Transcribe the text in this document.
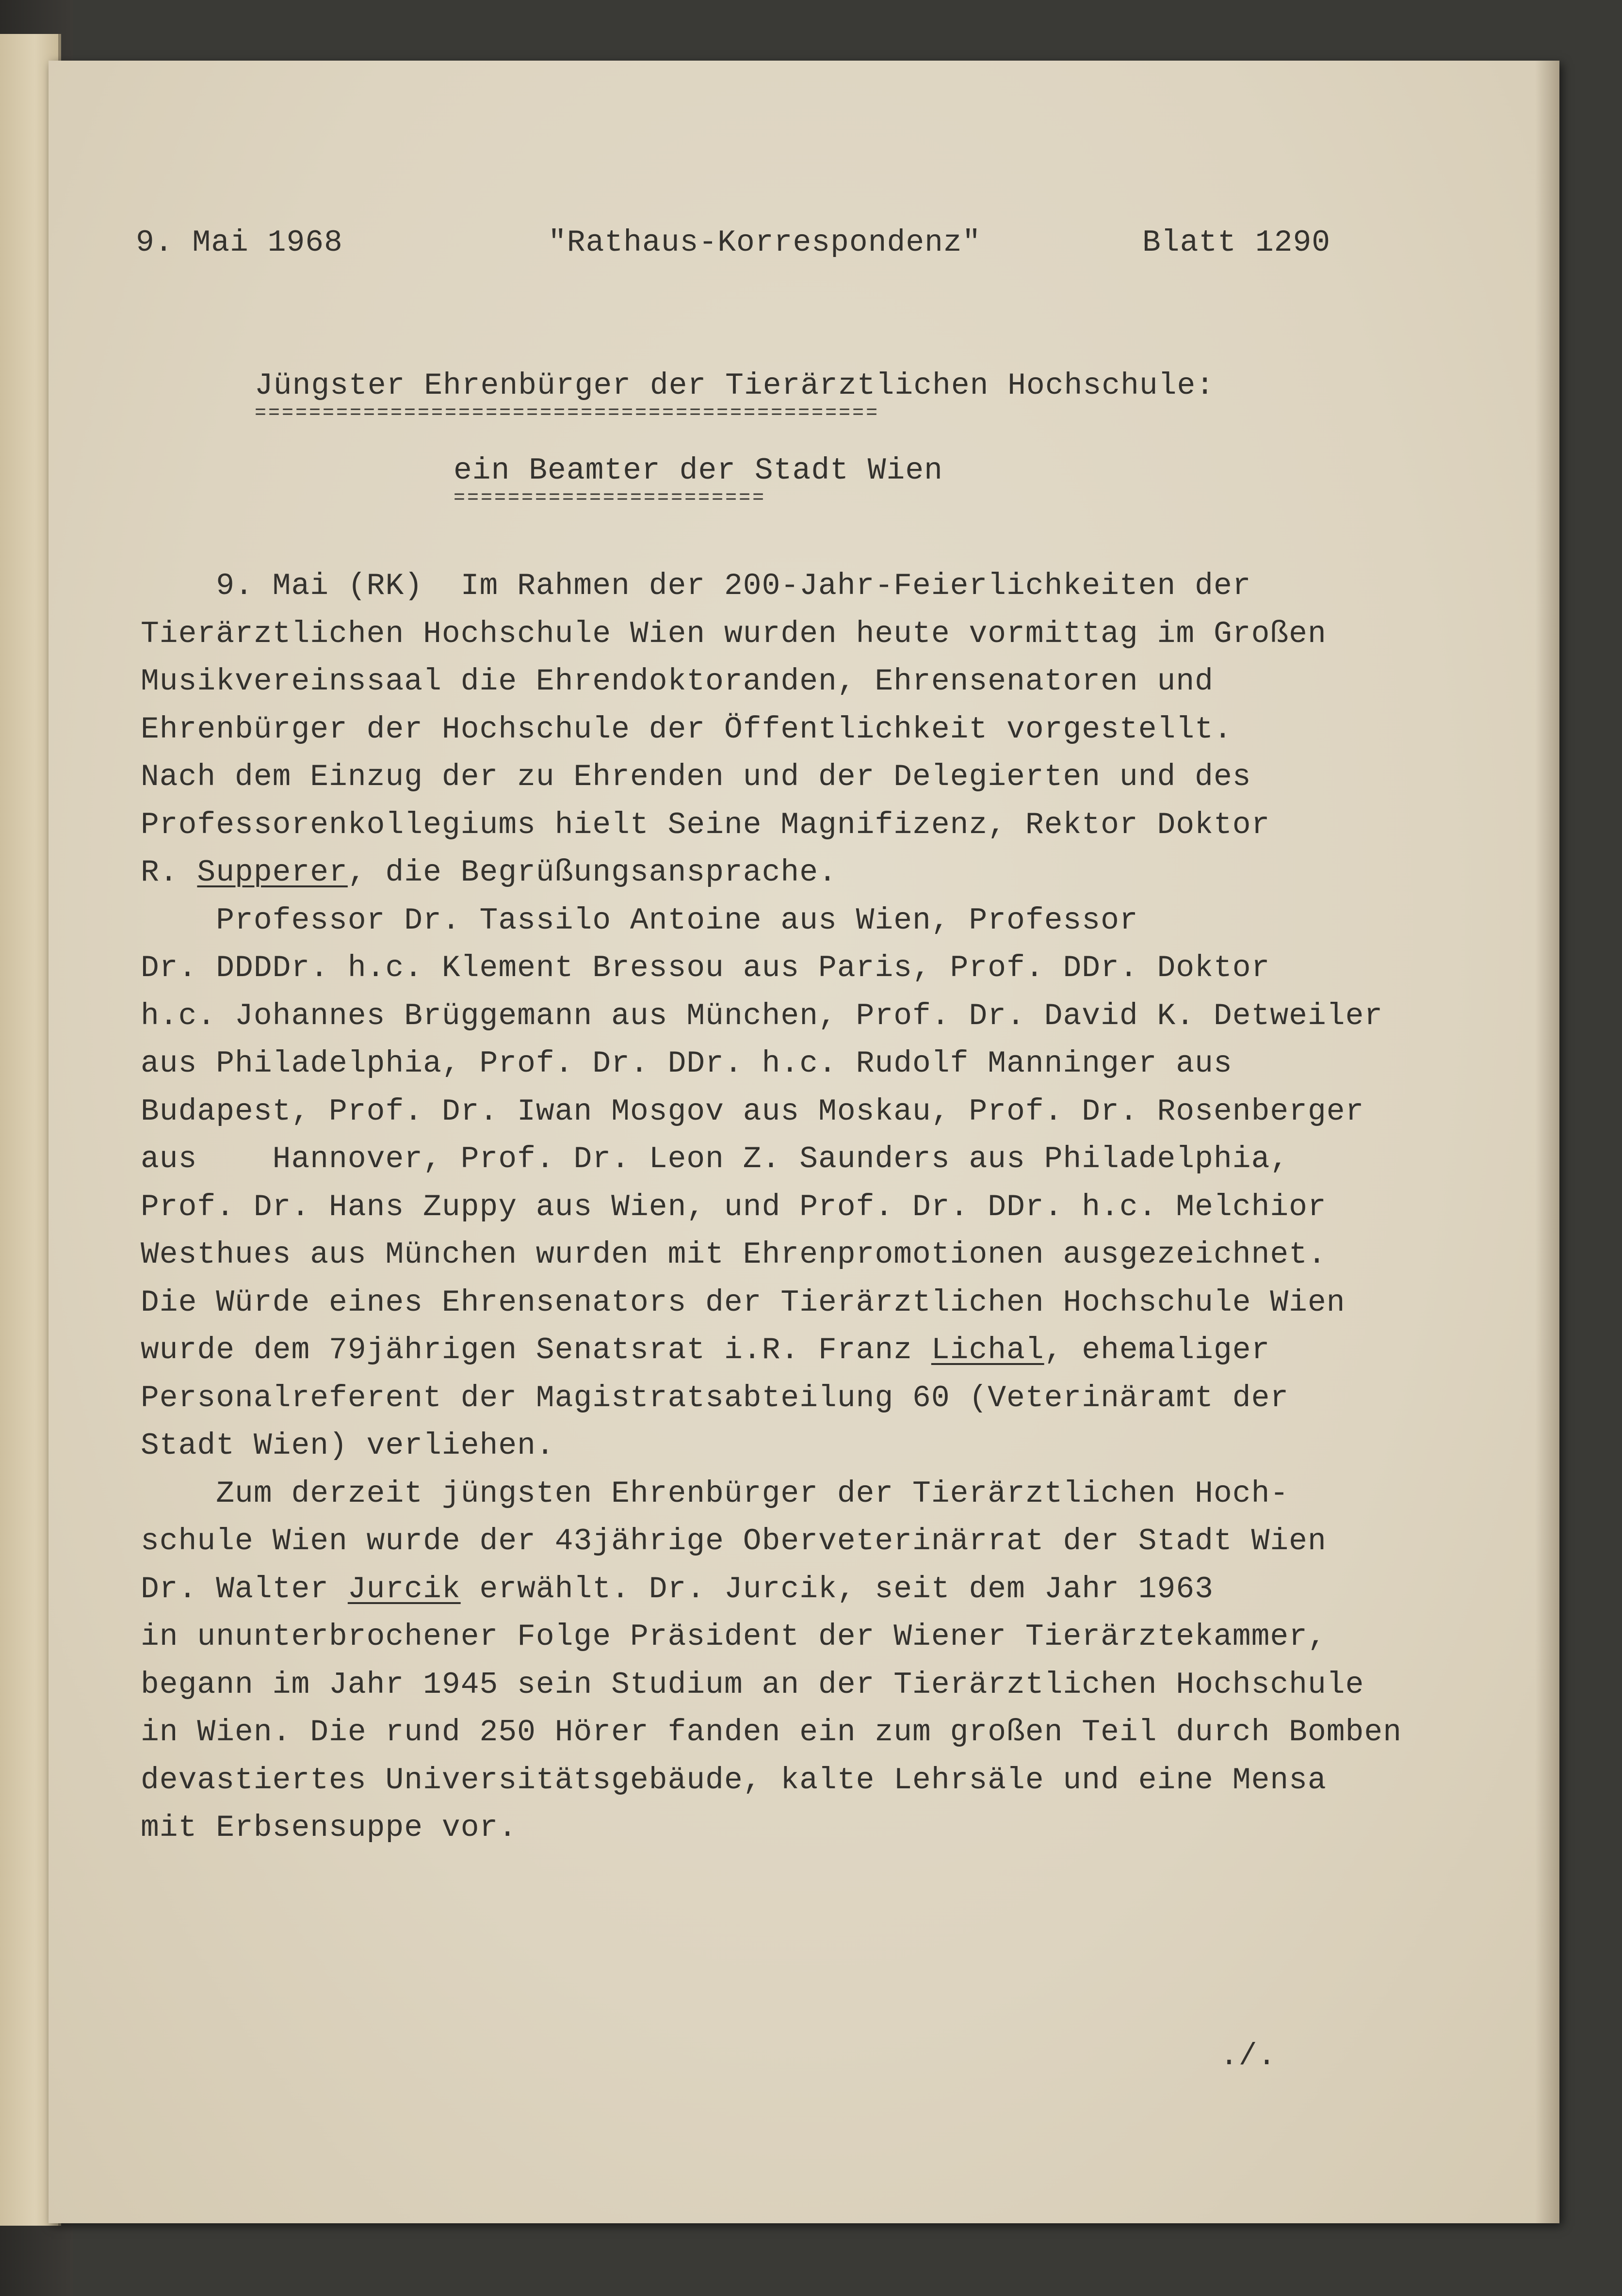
9. Mai 1968	"Rathaus-Korrespondenz"	Blatt 1290
Jüngster Ehrenbürger der Tierärztlichen Hochschule:
==============================================
ein Beamter der Stadt Wien
=======================
9. Mai (RK)  Im Rahmen der 200-Jahr-Feierlichkeiten der
Tierärztlichen Hochschule Wien wurden heute vormittag im Großen
Musikvereinssaal die Ehrendoktoranden, Ehrensenatoren und
Ehrenbürger der Hochschule der Öffentlichkeit vorgestellt.
Nach dem Einzug der zu Ehrenden und der Delegierten und des
Professorenkollegiums hielt Seine Magnifizenz, Rektor Doktor
R. Supperer, die Begrüßungsansprache.
Professor Dr. Tassilo Antoine aus Wien, Professor
Dr. DDDDr. h.c. Klement Bressou aus Paris, Prof. DDr. Doktor
h.c. Johannes Brüggemann aus München, Prof. Dr. David K. Detweiler
aus Philadelphia, Prof. Dr. DDr. h.c. Rudolf Manninger aus
Budapest, Prof. Dr. Iwan Mosgov aus Moskau, Prof. Dr. Rosenberger
aus    Hannover, Prof. Dr. Leon Z. Saunders aus Philadelphia,
Prof. Dr. Hans Zuppy aus Wien, und Prof. Dr. DDr. h.c. Melchior
Westhues aus München wurden mit Ehrenpromotionen ausgezeichnet.
Die Würde eines Ehrensenators der Tierärztlichen Hochschule Wien
wurde dem 79jährigen Senatsrat i.R. Franz Lichal, ehemaliger
Personalreferent der Magistratsabteilung 60 (Veterinäramt der
Stadt Wien) verliehen.
Zum derzeit jüngsten Ehrenbürger der Tierärztlichen Hoch-
schule Wien wurde der 43jährige Oberveterinärrat der Stadt Wien
Dr. Walter Jurcik erwählt. Dr. Jurcik, seit dem Jahr 1963
in ununterbrochener Folge Präsident der Wiener Tierärztekammer,
begann im Jahr 1945 sein Studium an der Tierärztlichen Hochschule
in Wien. Die rund 250 Hörer fanden ein zum großen Teil durch Bomben
devastiertes Universitätsgebäude, kalte Lehrsäle und eine Mensa
mit Erbsensuppe vor.
./.
